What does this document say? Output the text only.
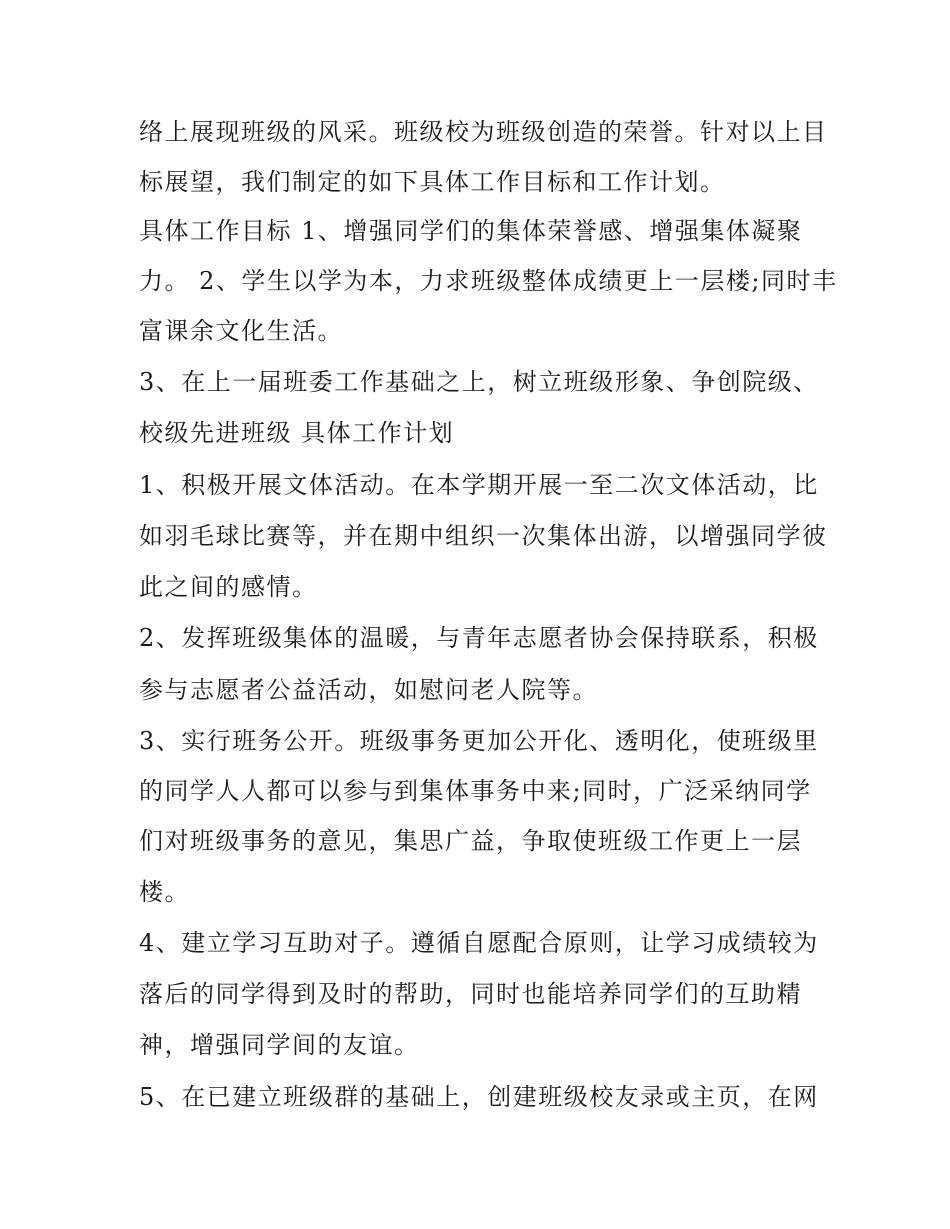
络上展现班级的风采。班级校为班级创造的荣誉。针对以上目
标展望，我们制定的如下具体工作目标和工作计划。
具体工作目标 1、增强同学们的集体荣誉感、增强集体凝聚
力。 2、学生以学为本，力求班级整体成绩更上一层楼;同时丰
富课余文化生活。
3、在上一届班委工作基础之上，树立班级形象、争创院级、
校级先进班级 具体工作计划
1、积极开展文体活动。在本学期开展一至二次文体活动，比
如羽毛球比赛等，并在期中组织一次集体出游，以增强同学彼
此之间的感情。
2、发挥班级集体的温暖，与青年志愿者协会保持联系，积极
参与志愿者公益活动，如慰问老人院等。
3、实行班务公开。班级事务更加公开化、透明化，使班级里
的同学人人都可以参与到集体事务中来;同时，广泛采纳同学
们对班级事务的意见，集思广益，争取使班级工作更上一层
楼。
4、建立学习互助对子。遵循自愿配合原则，让学习成绩较为
落后的同学得到及时的帮助，同时也能培养同学们的互助精
神，增强同学间的友谊。
5、在已建立班级群的基础上，创建班级校友录或主页，在网
